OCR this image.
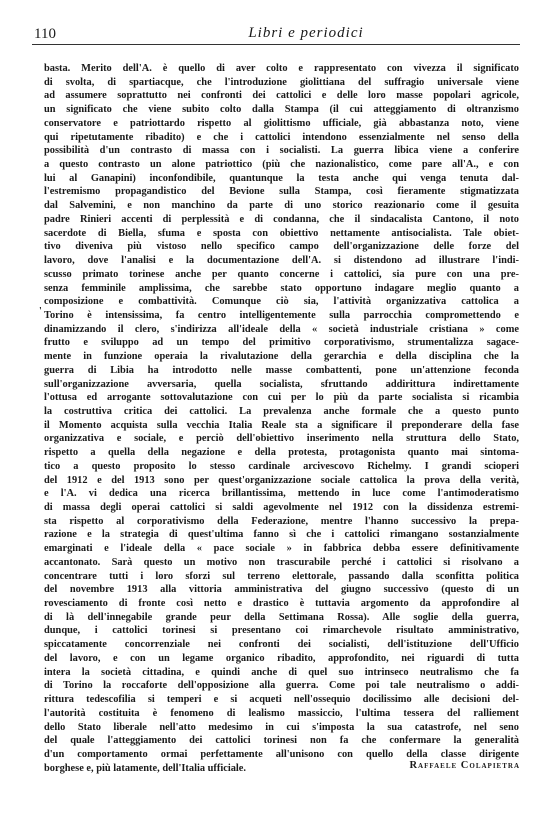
110	Libri e periodici
'
basta. Merito dell'A. è quello di aver colto e rappresentato con vivezza il significato
di svolta, di spartiacque, che l'introduzione giolittiana del suffragio universale viene
ad assumere soprattutto nei confronti dei cattolici e delle loro masse popolari agricole,
un significato che viene subito colto dalla Stampa (il cui atteggiamento di oltranzismo
conservatore e patriottardo rispetto al giolittismo ufficiale, già abbastanza noto, viene
qui ripetutamente ribadito) e che i cattolici intendono essenzialmente nel senso della
possibilità d'un contrasto di massa con i socialisti. La guerra libica viene a conferire
a questo contrasto un alone patriottico (più che nazionalistico, come pare all'A., e con
lui al Ganapini) inconfondibile, quantunque la testa anche qui venga tenuta dal-
l'estremismo propagandistico del Bevione sulla Stampa, così fieramente stigmatizzata
dal Salvemini, e non manchino da parte di uno storico reazionario come il gesuita
padre Rinieri accenti di perplessità e di condanna, che il sindacalista Cantono, il noto
sacerdote di Biella, sfuma e sposta con obiettivo nettamente antisocialista. Tale obiet-
tivo diveniva più vistoso nello specifico campo dell'organizzazione delle forze del
lavoro, dove l'analisi e la documentazione dell'A. si distendono ad illustrare l'indi-
scusso primato torinese anche per quanto concerne i cattolici, sia pure con una pre-
senza femminile amplissima, che sarebbe stato opportuno indagare meglio quanto a
composizione e combattività. Comunque ciò sia, l'attività organizzativa cattolica a
Torino è intensissima, fa centro intelligentemente sulla parrocchia compromettendo e
dinamizzando il clero, s'indirizza all'ideale della « società industriale cristiana » come
frutto e sviluppo ad un tempo del primitivo corporativismo, strumentalizza sagace-
mente in funzione operaia la rivalutazione della gerarchia e della disciplina che la
guerra di Libia ha introdotto nelle masse combattenti, pone un'attenzione feconda
sull'organizzazione avversaria, quella socialista, sfruttando addirittura indirettamente
l'ottusa ed arrogante sottovalutazione con cui per lo più da parte socialista si ricambia
la costruttiva critica dei cattolici. La prevalenza anche formale che a questo punto
il Momento acquista sulla vecchia Italia Reale sta a significare il preponderare della fase
organizzativa e sociale, e perciò dell'obiettivo inserimento nella struttura dello Stato,
rispetto a quella della negazione e della protesta, protagonista quanto mai sintoma-
tico a questo proposito lo stesso cardinale arcivescovo Richelmy. I grandi scioperi
del 1912 e del 1913 sono per quest'organizzazione sociale cattolica la prova della verità,
e l'A. vi dedica una ricerca brillantissima, mettendo in luce come l'antimoderatismo
di massa degli operai cattolici si saldi agevolmente nel 1912 con la dissidenza estremi-
sta rispetto al corporativismo della Federazione, mentre l'hanno successivo la prepa-
razione e la strategia di quest'ultima fanno sì che i cattolici rimangano sostanzialmente
emarginati e l'ideale della « pace sociale » in fabbrica debba essere definitivamente
accantonato. Sarà questo un motivo non trascurabile perché i cattolici si risolvano a
concentrare tutti i loro sforzi sul terreno elettorale, passando dalla sconfitta politica
del novembre 1913 alla vittoria amministrativa del giugno successivo (questo di un
rovesciamento di fronte così netto e drastico è tuttavia argomento da approfondire al
di là dell'innegabile grande peur della Settimana Rossa). Alle soglie della guerra,
dunque, i cattolici torinesi si presentano coi rimarchevole risultato amministrativo,
spiccatamente concorrenziale nei confronti dei socialisti, dell'istituzione dell'Ufficio
del lavoro, e con un legame organico ribadito, approfondito, nei riguardi di tutta
intera la società cittadina, e quindi anche di quel suo intrinseco neutralismo che fa
di Torino la roccaforte dell'opposizione alla guerra. Come poi tale neutralismo o addi-
rittura tedescofilia si temperi e si acqueti nell'ossequio docilissimo alle decisioni del-
l'autorità costituita è fenomeno di lealismo massiccio, l'ultima tessera del ralliement
dello Stato liberale nell'atto medesimo in cui s'imposta la sua catastrofe, nel seno
del quale l'atteggiamento dei cattolici torinesi non fa che confermare la generalità
d'un comportamento ormai perfettamente all'unisono con quello della classe dirigente
borghese e, più latamente, dell'Italia ufficiale.	Raffaele Colapietra
